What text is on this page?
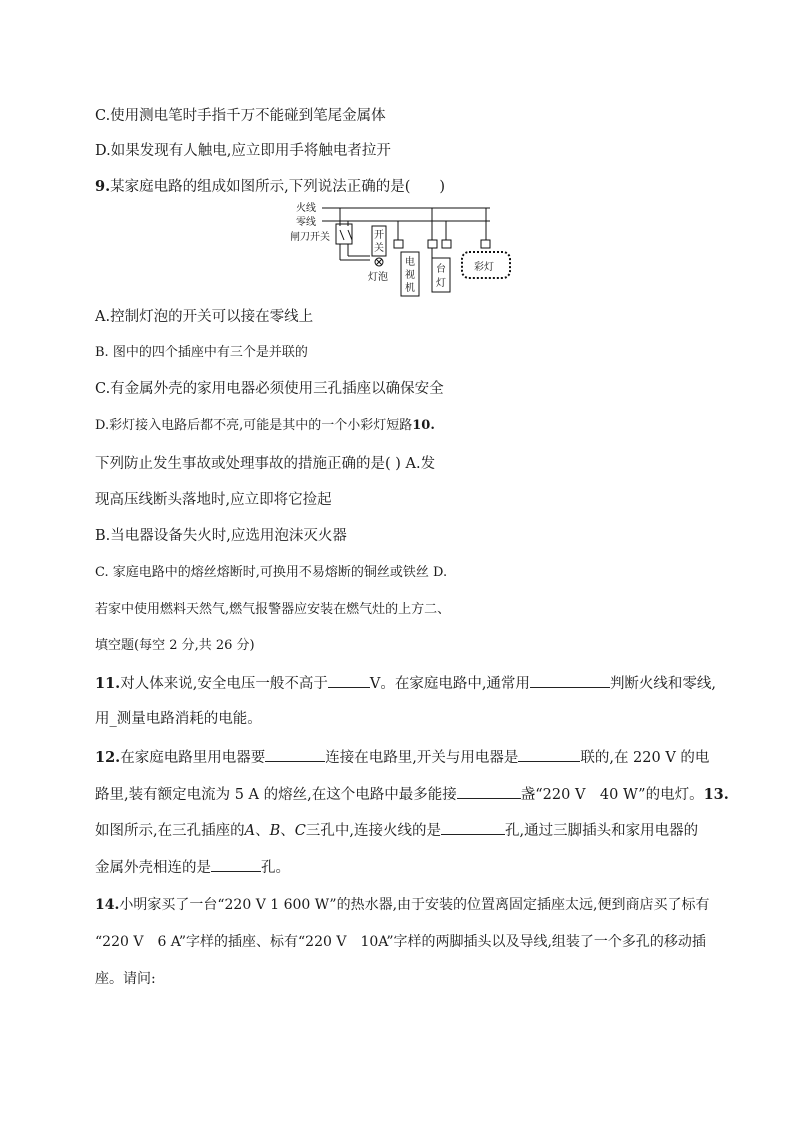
C.使用测电笔时手指千万不能碰到笔尾金属体
D.如果发现有人触电,应立即用手将触电者拉开
9.某家庭电路的组成如图所示,下列说法正确的是(　　)
火线
零线
闸刀开关	开
关
灯泡
电
视
机
台
灯
彩灯
A.控制灯泡的开关可以接在零线上
B. 图中的四个插座中有三个是并联的
C.有金属外壳的家用电器必须使用三孔插座以确保安全
D.彩灯接入电路后都不亮,可能是其中的一个小彩灯短路10.
下列防止发生事故或处理事故的措施正确的是( ) A.发
现高压线断头落地时,应立即将它捡起
B.当电器设备失火时,应选用泡沫灭火器
C. 家庭电路中的熔丝熔断时,可换用不易熔断的铜丝或铁丝 D.
若家中使用燃料天然气,燃气报警器应安装在燃气灶的上方二、
填空题(每空 2 分,共 26 分)
11.对人体来说,安全电压一般不高于	V。在家庭电路中,通常用	判断火线和零线,
用_测量电路消耗的电能。
12.在家庭电路里用电器要	连接在电路里,开关与用电器是	联的,在 220 V 的电
路里,装有额定电流为 5 A 的熔丝,在这个电路中最多能接	盏“220 V　40 W”的电灯。13.
如图所示,在三孔插座的A、B、C三孔中,连接火线的是	孔,通过三脚插头和家用电器的
金属外壳相连的是	孔。
14.小明家买了一台“220 V 1 600 W”的热水器,由于安装的位置离固定插座太远,便到商店买了标有
“220 V　6 A”字样的插座、标有“220 V　10A”字样的两脚插头以及导线,组装了一个多孔的移动插
座。请问:
